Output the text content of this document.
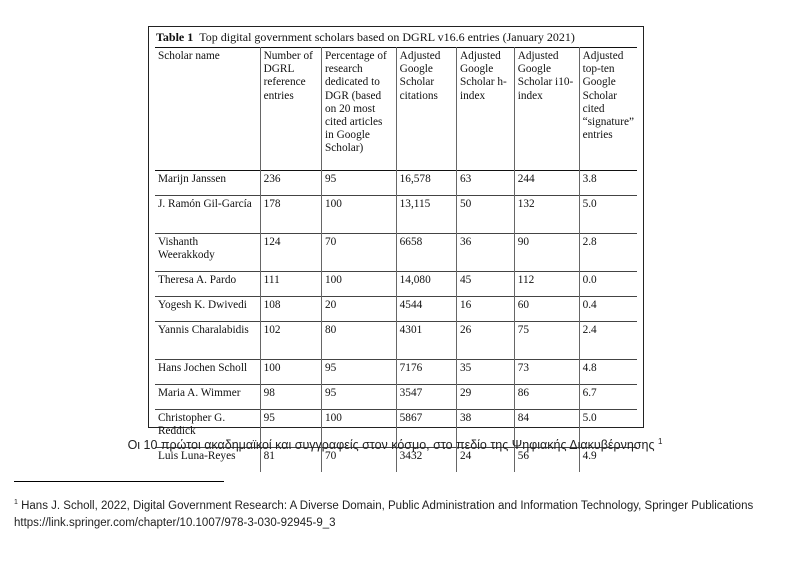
Table 1 Top digital government scholars based on DGRL v16.6 entries (January 2021)
Scholar name	Number of DGRL reference entries	Percentage of research dedicated to DGR (based on 20 most cited articles in Google Scholar)	Adjusted Google Scholar citations	Adjusted Google Scholar h-index	Adjusted Google Scholar i10-index	Adjusted top-ten Google Scholar cited “signature” entries
Marijn Janssen	236	95	16,578	63	244	3.8
J. Ramón Gil-García	178	100	13,115	50	132	5.0
Vishanth Weerakkody	124	70	6658	36	90	2.8
Theresa A. Pardo	111	100	14,080	45	112	0.0
Yogesh K. Dwivedi	108	20	4544	16	60	0.4
Yannis Charalabidis	102	80	4301	26	75	2.4
Hans Jochen Scholl	100	95	7176	35	73	4.8
Maria A. Wimmer	98	95	3547	29	86	6.7
Christopher G. Reddick	95	100	5867	38	84	5.0
Luis Luna-Reyes	81	70	3432	24	56	4.9
Οι 10 πρώτοι ακαδημαϊκοί και συγγραφείς στον κόσμο, στο πεδίο της Ψηφιακής Διακυβέρνησης $^1$
$^1$ Hans J. Scholl, 2022, Digital Government Research: A Diverse Domain, Public Administration and Information Technology, Springer Publications https://link.springer.com/chapter/10.1007/978-3-030-92945-9_3
